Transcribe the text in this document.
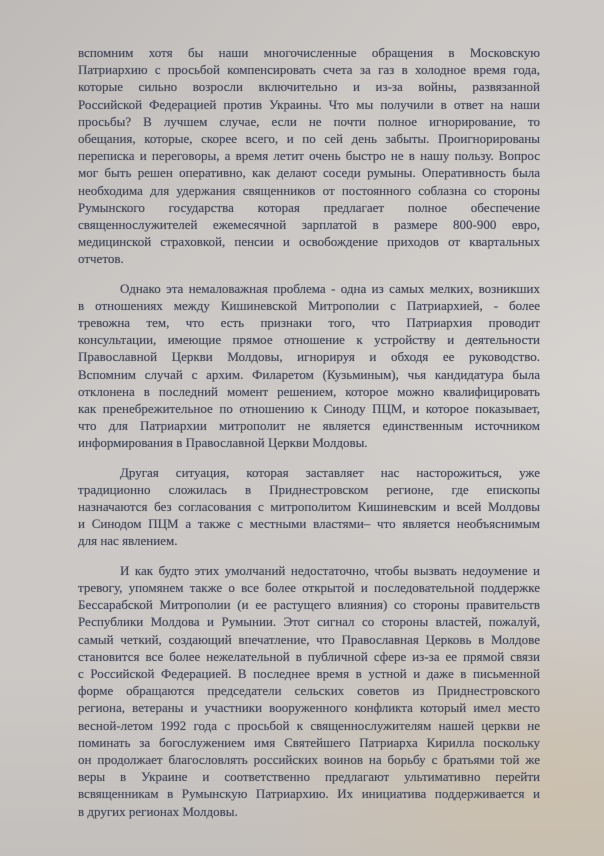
вспомним хотя бы наши многочисленные обращения в Московскую
Патриархию с просьбой компенсировать счета за газ в холодное время года,
которые сильно возросли включительно и из-за войны, развязанной
Российской Федерацией против Украины. Что мы получили в ответ на наши
просьбы? В лучшем случае, если не почти полное игнорирование, то
обещания, которые, скорее всего, и по сей день забыты. Проигнорированы
переписка и переговоры, а время летит очень быстро не в нашу пользу. Вопрос
мог быть решен оперативно, как делают соседи румыны. Оперативность была
необходима для удержания священников от постоянного соблазна со стороны
Румынского государства которая предлагает полное обеспечение
священнослужителей ежемесячной зарплатой в размере 800-900 евро,
медицинской страховкой, пенсии и освобождение приходов от квартальных
отчетов.
Однако эта немаловажная проблема - одна из самых мелких, возникших
в отношениях между Кишиневской Митрополии с Патриархией, - более
тревожна тем, что есть признаки того, что Патриархия проводит
консультации, имеющие прямое отношение к устройству и деятельности
Православной Церкви Молдовы, игнорируя и обходя ее руководство.
Вспомним случай с архим. Филаретом (Кузьминым), чья кандидатура была
отклонена в последний момент решением, которое можно квалифицировать
как пренебрежительное по отношению к Синоду ПЦМ, и которое показывает,
что для Патриархии митрополит не является единственным источником
информирования в Православной Церкви Молдовы.
Другая ситуация, которая заставляет нас насторожиться, уже
традиционно сложилась в Приднестровском регионе, где епископы
назначаются без согласования с митрополитом Кишиневским и всей Молдовы
и Синодом ПЦМ а также с местными властями– что является необъяснимым
для нас явлением.
И как будто этих умолчаний недостаточно, чтобы вызвать недоумение и
тревогу, упомянем также о все более открытой и последовательной поддержке
Бессарабской Митрополии (и ее растущего влияния) со стороны правительств
Республики Молдова и Румынии. Этот сигнал со стороны властей, пожалуй,
самый четкий, создающий впечатление, что Православная Церковь в Молдове
становится все более нежелательной в публичной сфере из-за ее прямой связи
с Российской Федерацией. В последнее время в устной и даже в письменной
форме обращаются председатели сельских советов из Приднестровского
региона, ветераны и участники вооруженного конфликта который имел место
весной-летом 1992 года с просьбой к священнослужителям нашей церкви не
поминать за богослужением имя Святейшего Патриарха Кирилла поскольку
он продолжает благословлять российских воинов на борьбу с братьями той же
веры в Украине и соответственно предлагают ультимативно перейти
всвященникам в Румынскую Патриархию. Их инициатива поддерживается и
в других регионах Молдовы.
